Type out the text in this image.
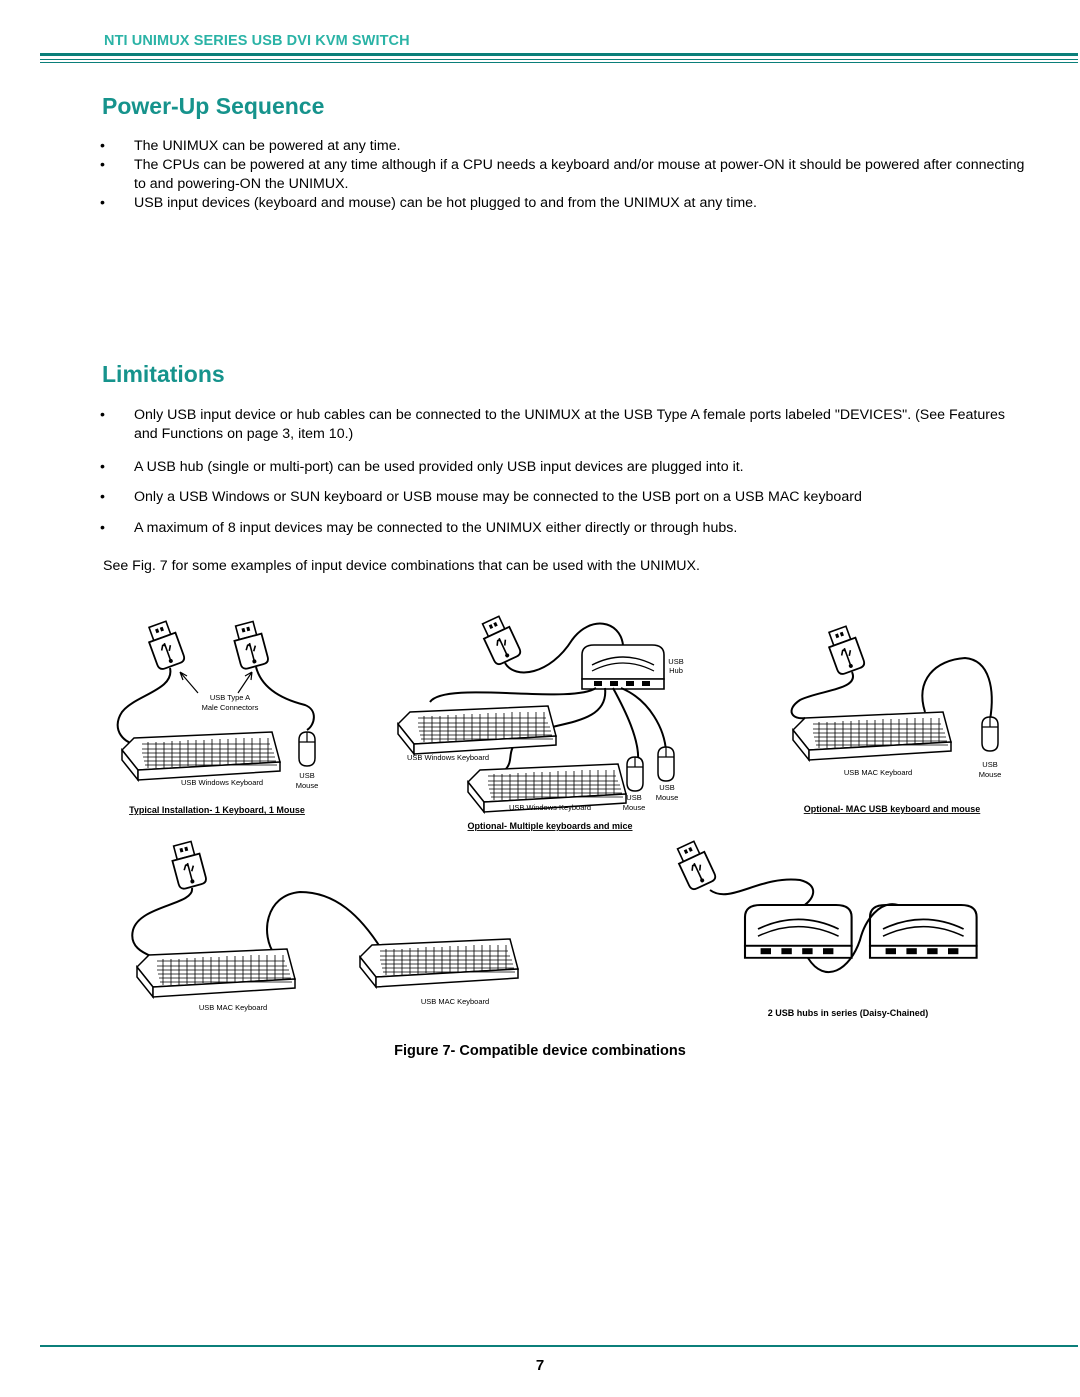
NTI UNIMUX SERIES USB DVI KVM SWITCH
Power-Up Sequence
• The UNIMUX can be powered at any time.
• The CPUs can be powered at any time although if a CPU needs a keyboard and/or mouse at power-ON it should be powered after connecting to and powering-ON the UNIMUX.
• USB input devices (keyboard and mouse) can be hot plugged to and from the UNIMUX at any time.
Limitations
• Only USB input device or hub cables can be connected to the UNIMUX at the USB Type A female ports labeled "DEVICES". (See Features and Functions on page 3, item 10.)
• A USB hub (single or multi-port) can be used provided only USB input devices are plugged into it.
• Only a USB Windows or SUN keyboard or USB mouse may be connected to the USB port on a USB MAC keyboard
• A maximum of 8 input devices may be connected to the UNIMUX either directly or through hubs.
See Fig. 7 for some examples of input device combinations that can be used with the UNIMUX.
USB Type A
Male Connectors
USB Windows Keyboard
USB
Mouse
Typical Installation- 1 Keyboard, 1 Mouse
USB
Hub
USB Windows Keyboard
USB
Mouse
USB
Mouse
USB Windows Keyboard
Optional- Multiple keyboards and mice
USB MAC Keyboard
USB
Mouse
Optional- MAC USB keyboard and mouse
USB MAC Keyboard
USB MAC Keyboard
2 USB hubs in series (Daisy-Chained)
Figure 7- Compatible device combinations
7
